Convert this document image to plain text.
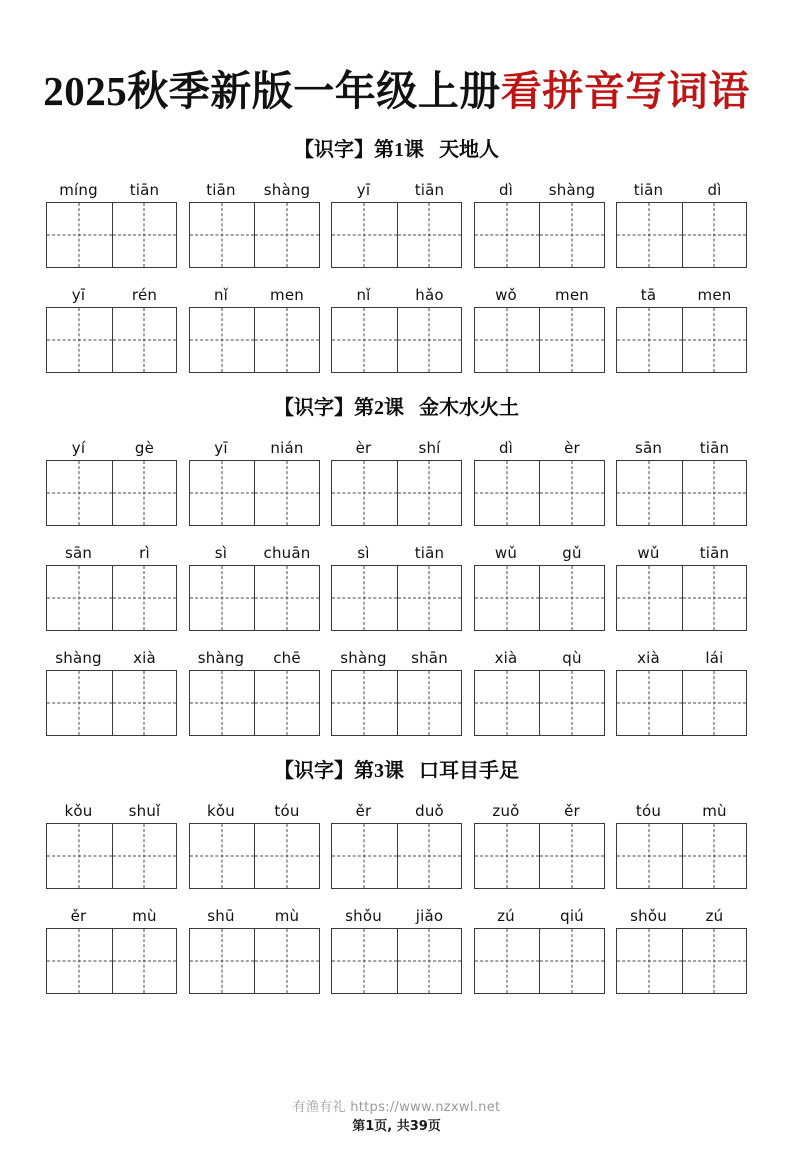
2025秋季新版一年级上册看拼音写词语
【识字】第1课   天地人
míng	tiān	tiān	shàng	yī	tiān	dì	shàng	tiān	dì
yī	rén	nǐ	men	nǐ	hǎo	wǒ	men	tā	men
【识字】第2课   金木水火土
yí	gè	yī	nián	èr	shí	dì	èr	sān	tiān
sān	rì	sì	chuān	sì	tiān	wǔ	gǔ	wǔ	tiān
shàng	xià	shàng	chē	shàng	shān	xià	qù	xià	lái
【识字】第3课   口耳目手足
kǒu	shuǐ	kǒu	tóu	ěr	duǒ	zuǒ	ěr	tóu	mù
ěr	mù	shū	mù	shǒu	jiǎo	zú	qiú	shǒu	zú
有渔有礼 https://www.nzxwl.net
第1页, 共39页
